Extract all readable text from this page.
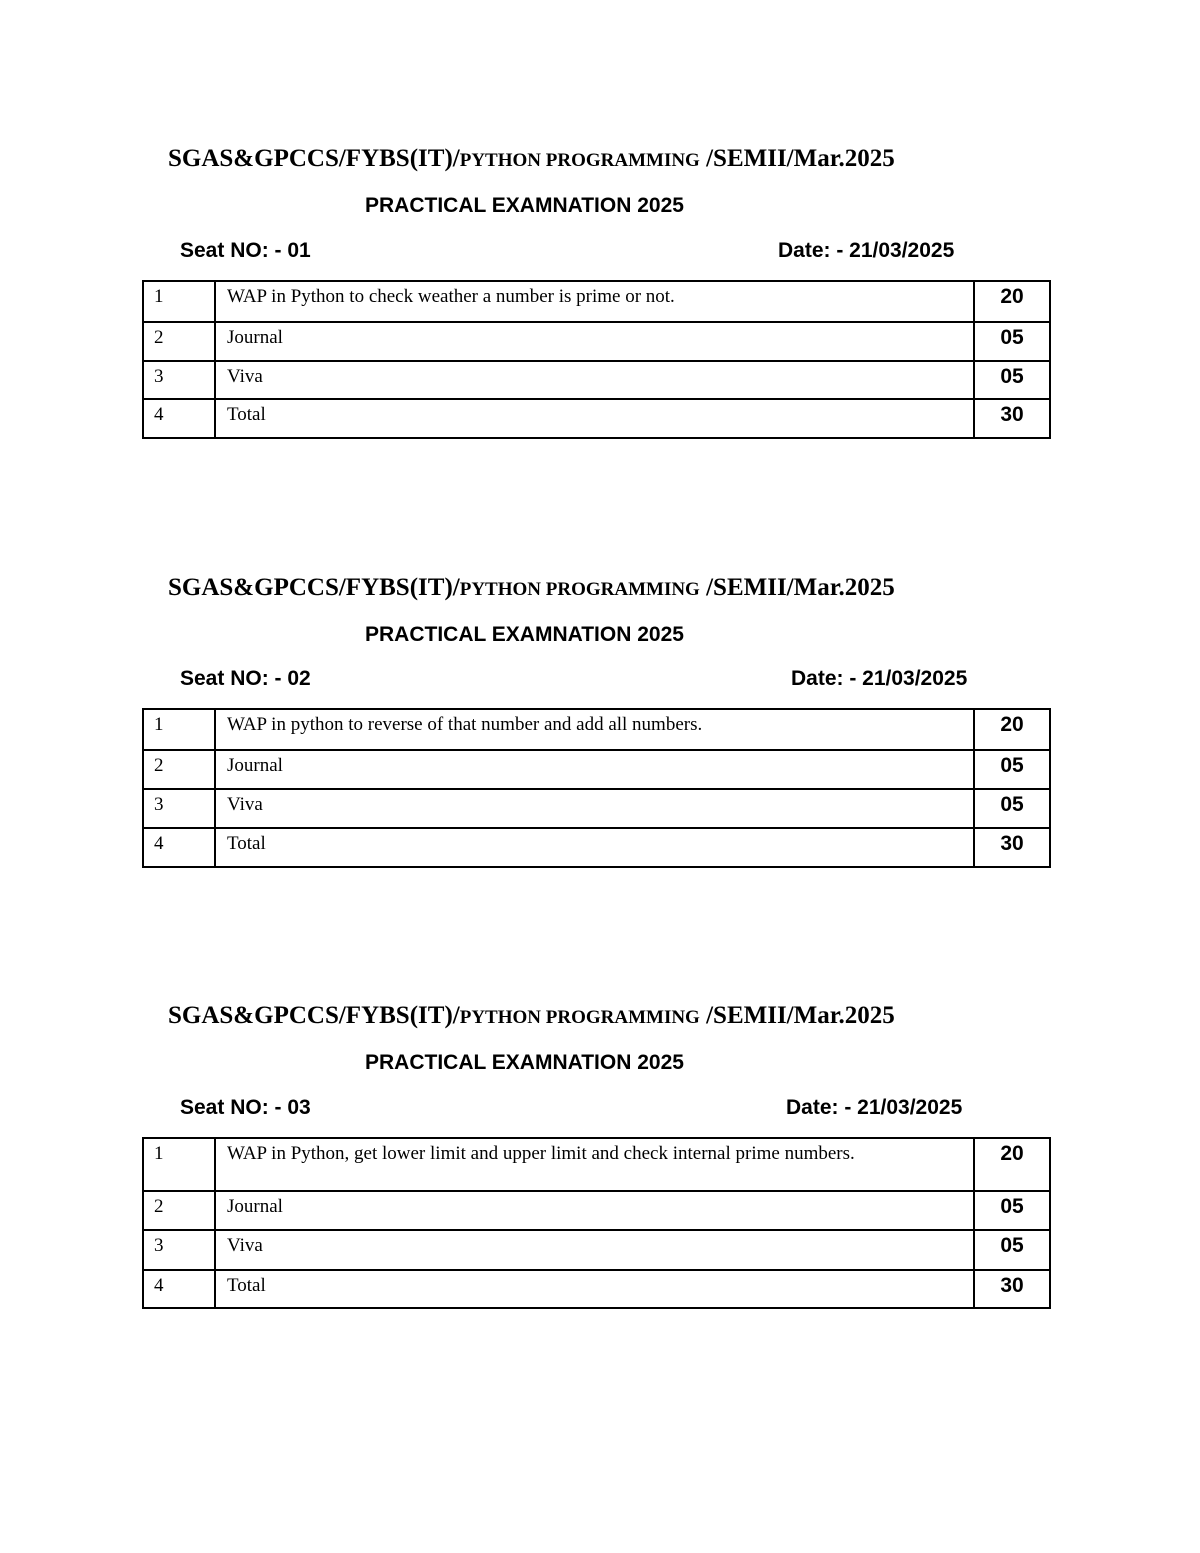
SGAS&GPCCS/FYBS(IT)/PYTHON PROGRAMMING /SEMII/Mar.2025
PRACTICAL EXAMNATION 2025
Seat NO: - 01	Date: - 21/03/2025
1	WAP in Python to check weather a number is prime or not.	20
2	Journal	05
3	Viva	05
4	Total	30
SGAS&GPCCS/FYBS(IT)/PYTHON PROGRAMMING /SEMII/Mar.2025
PRACTICAL EXAMNATION 2025
Seat NO: - 02	Date: - 21/03/2025
1	WAP in python to reverse of that number and add all numbers.	20
2	Journal	05
3	Viva	05
4	Total	30
SGAS&GPCCS/FYBS(IT)/PYTHON PROGRAMMING /SEMII/Mar.2025
PRACTICAL EXAMNATION 2025
Seat NO: - 03	Date: - 21/03/2025
1	WAP in Python, get lower limit and upper limit and check internal prime numbers.	20
2	Journal	05
3	Viva	05
4	Total	30
